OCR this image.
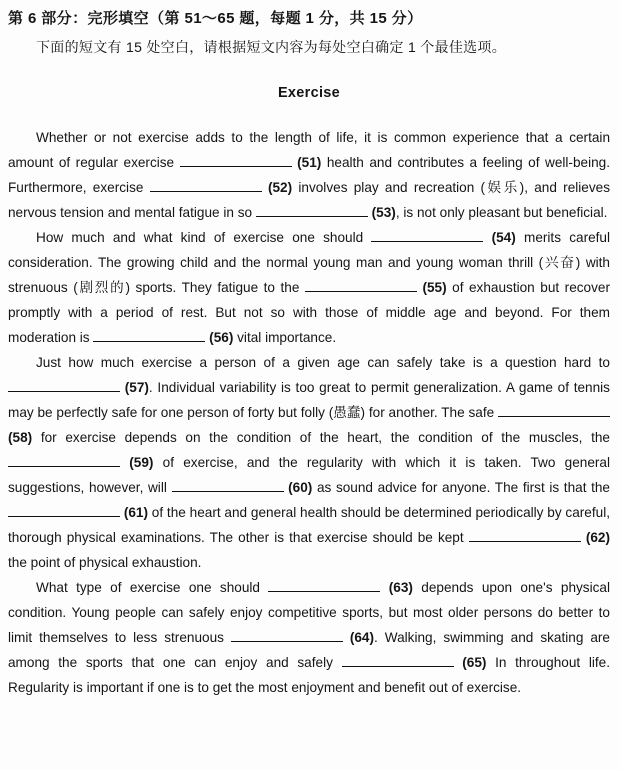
第 6 部分：完形填空（第 51～65 题，每题 1 分，共 15 分）
下面的短文有 15 处空白，请根据短文内容为每处空白确定 1 个最佳选项。
Exercise

Whether or not exercise adds to the length of life, it is common experience that a certain amount of regular exercise	(51) health and contributes a feeling of well-being. Furthermore, exercise	(52) involves play and recreation (娱乐), and relieves nervous tension and mental fatigue in so	(53), is not only pleasant but beneficial.

How much and what kind of exercise one should	(54) merits careful consideration. The growing child and the normal young man and young woman thrill (兴奋) with strenuous (剧烈的) sports. They fatigue to the	(55) of exhaustion but recover promptly with a period of rest. But not so with those of middle age and beyond. For them moderation is	(56) vital importance.

Just how much exercise a person of a given age can safely take is a question hard to  (57). Individual variability is too great to permit generalization. A game of tennis may be perfectly safe for one person of forty but folly (愚蠢) for another. The safe  (58) for exercise depends on the condition of the heart, the condition of the muscles, the  (59) of exercise, and the regularity with which it is taken. Two general suggestions, however, will	(60) as sound advice for anyone. The first is that the  (61) of the heart and general health should be determined periodically by careful, thorough physical examinations. The other is that exercise should be kept	(62) the point of physical exhaustion.

What type of exercise one should	(63) depends upon one's physical condition. Young people can safely enjoy competitive sports, but most older persons do better to limit themselves to less strenuous	(64). Walking, swimming and skating are among the sports that one can enjoy and safely	(65) In throughout life. Regularity is important if one is to get the most enjoyment and benefit out of exercise.
